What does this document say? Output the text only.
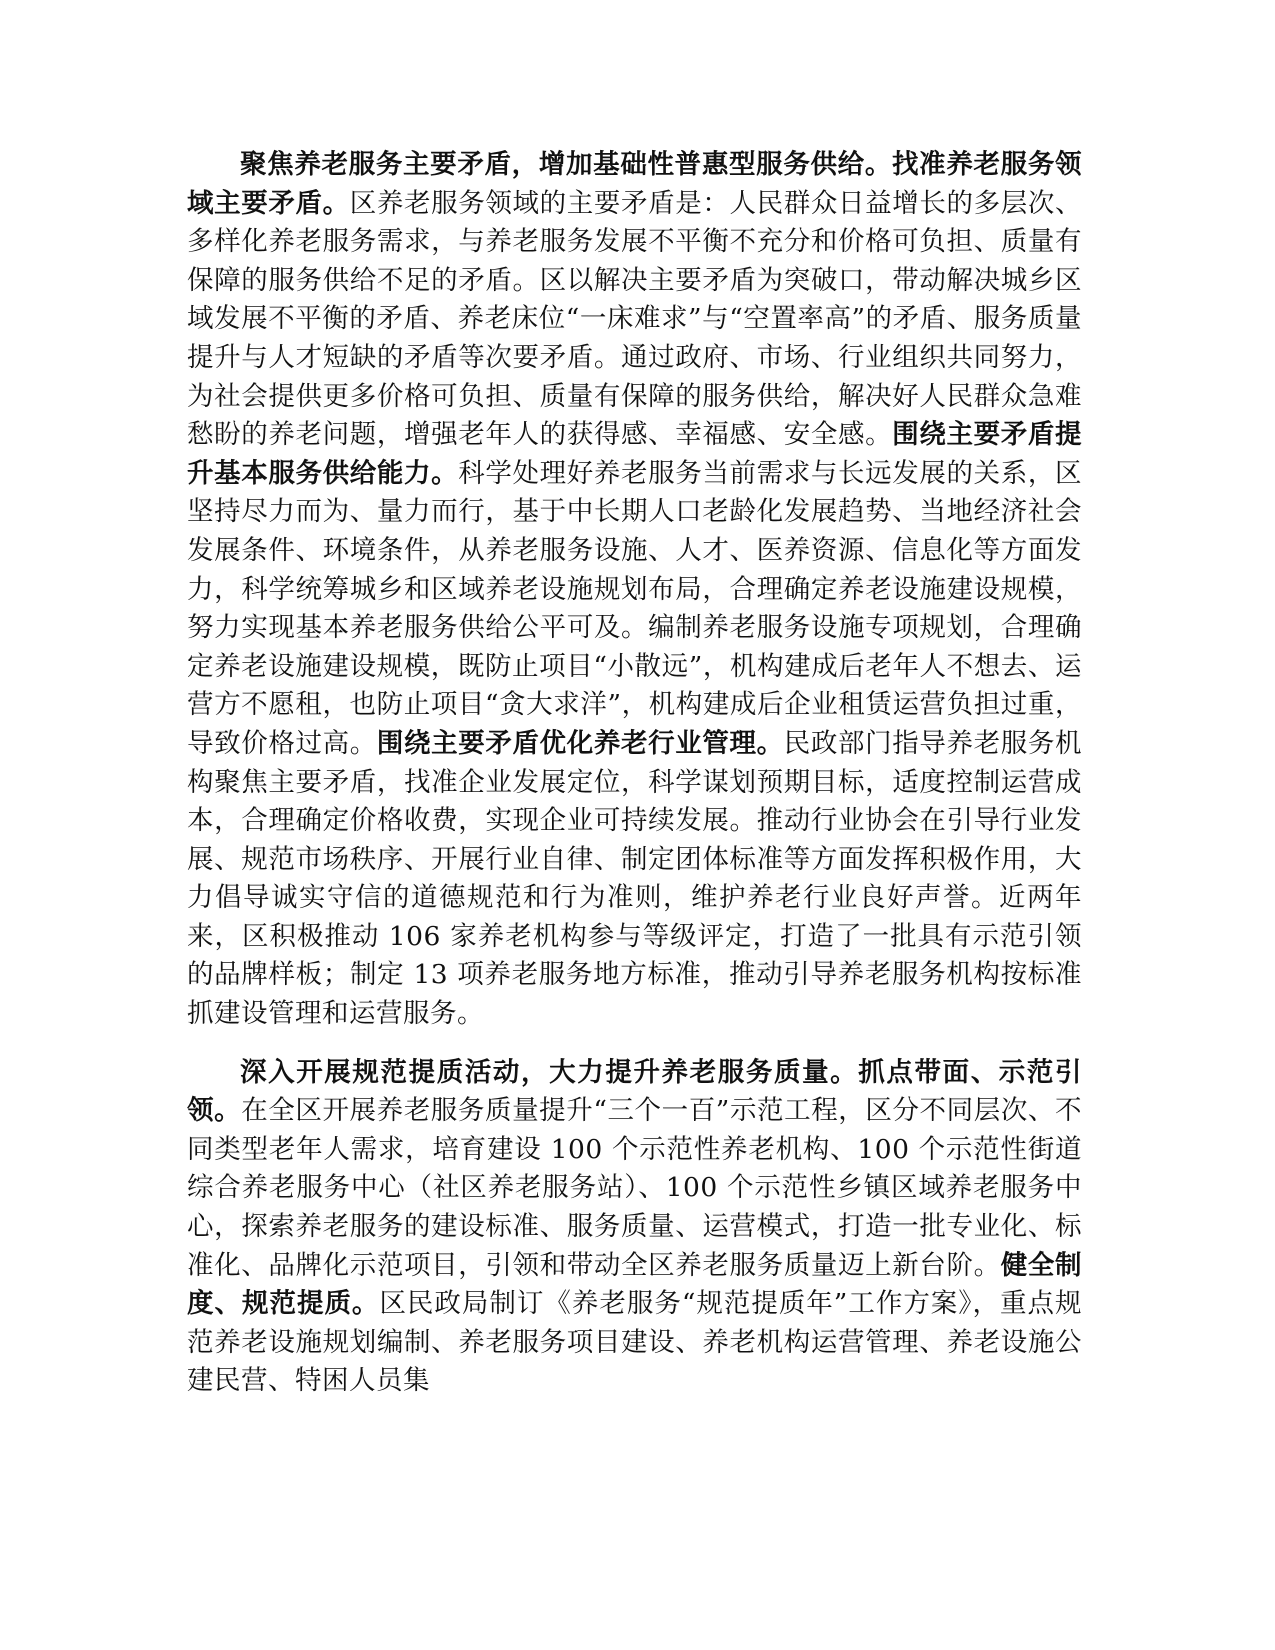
聚焦养老服务主要矛盾，增加基础性普惠型服务供给。找准养老服务领域主要矛盾。区养老服务领域的主要矛盾是：人民群众日益增长的多层次、多样化养老服务需求，与养老服务发展不平衡不充分和价格可负担、质量有保障的服务供给不足的矛盾。区以解决主要矛盾为突破口，带动解决城乡区域发展不平衡的矛盾、养老床位“一床难求”与“空置率高”的矛盾、服务质量提升与人才短缺的矛盾等次要矛盾。通过政府、市场、行业组织共同努力，为社会提供更多价格可负担、质量有保障的服务供给，解决好人民群众急难愁盼的养老问题，增强老年人的获得感、幸福感、安全感。围绕主要矛盾提升基本服务供给能力。科学处理好养老服务当前需求与长远发展的关系，区坚持尽力而为、量力而行，基于中长期人口老龄化发展趋势、当地经济社会发展条件、环境条件，从养老服务设施、人才、医养资源、信息化等方面发力，科学统筹城乡和区域养老设施规划布局，合理确定养老设施建设规模，努力实现基本养老服务供给公平可及。编制养老服务设施专项规划，合理确定养老设施建设规模，既防止项目“小散远”，机构建成后老年人不想去、运营方不愿租，也防止项目“贪大求洋”，机构建成后企业租赁运营负担过重，导致价格过高。围绕主要矛盾优化养老行业管理。民政部门指导养老服务机构聚焦主要矛盾，找准企业发展定位，科学谋划预期目标，适度控制运营成本，合理确定价格收费，实现企业可持续发展。推动行业协会在引导行业发展、规范市场秩序、开展行业自律、制定团体标准等方面发挥积极作用，大力倡导诚实守信的道德规范和行为准则，维护养老行业良好声誉。近两年来，区积极推动 106 家养老机构参与等级评定，打造了一批具有示范引领的品牌样板；制定 13 项养老服务地方标准，推动引导养老服务机构按标准抓建设管理和运营服务。

深入开展规范提质活动，大力提升养老服务质量。抓点带面、示范引领。在全区开展养老服务质量提升“三个一百”示范工程，区分不同层次、不同类型老年人需求，培育建设 100 个示范性养老机构、100 个示范性街道综合养老服务中心（社区养老服务站）、100 个示范性乡镇区域养老服务中心，探索养老服务的建设标准、服务质量、运营模式，打造一批专业化、标准化、品牌化示范项目，引领和带动全区养老服务质量迈上新台阶。健全制度、规范提质。区民政局制订《养老服务“规范提质年”工作方案》，重点规范养老设施规划编制、养老服务项目建设、养老机构运营管理、养老设施公建民营、特困人员集
